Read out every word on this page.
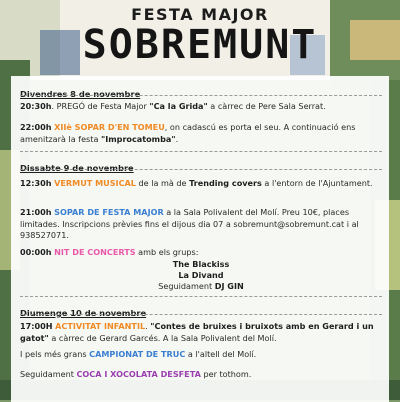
FESTA MAJOR
SOBREMUNT
Divendres 8 de novembre
20:30h. PREGÓ de Festa Major "Ca la Grida" a càrrec de Pere Sala Serrat.
22:00h XIIè SOPAR D'EN TOMEU, on cadascú es porta el seu. A continuació ens amenitzarà la festa "Improcatomba".
Dissabte 9 de novembre
12:30h VERMUT MUSICAL de la mà de Trending covers a l'entorn de l'Ajuntament.
21:00h SOPAR DE FESTA MAJOR a la Sala Polivalent del Molí. Preu 10€, places limitades. Inscripcions prèvies fins el dijous dia 07 a sobremunt@sobremunt.cat i al 938527071.
00:00h NIT DE CONCERTS amb els grups:
The Blackiss
La Divand
Seguidament DJ GIN
Diumenge 10 de novembre
17:00H ACTIVITAT INFANTIL. "Contes de bruixes i bruixots amb en Gerard i un gatot" a càrrec de Gerard Garcés. A la Sala Polivalent del Molí.
I pels més grans CAMPIONAT DE TRUC a l'altell del Molí.
Seguidament COCA I XOCOLATA DESFETA per tothom.
